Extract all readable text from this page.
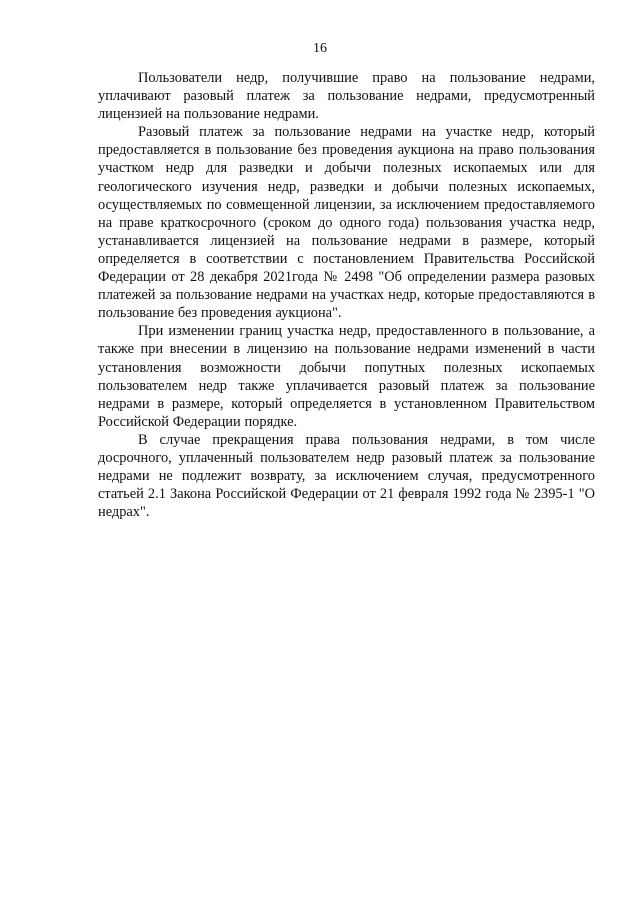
16

Пользователи недр, получившие право на пользование недрами, уплачивают разовый платеж за пользование недрами, предусмотренный лицензией на пользование недрами.

Разовый платеж за пользование недрами на участке недр, который предоставляется в пользование без проведения аукциона на право пользования участком недр для разведки и добычи полезных ископаемых или для геологического изучения недр, разведки и добычи полезных ископаемых, осуществляемых по совмещенной лицензии, за исключением предоставляемого на праве краткосрочного (сроком до одного года) пользования участка недр, устанавливается лицензией на пользование недрами в размере, который определяется в соответствии с постановлением Правительства Российской Федерации от 28 декабря 2021года № 2498 "Об определении размера разовых платежей за пользование недрами на участках недр, которые предоставляются в пользование без проведения аукциона".

При изменении границ участка недр, предоставленного в пользование, а также при внесении в лицензию на пользование недрами изменений в части установления возможности добычи попутных полезных ископаемых пользователем недр также уплачивается разовый платеж за пользование недрами в размере, который определяется в установленном Правительством Российской Федерации порядке.

В случае прекращения права пользования недрами, в том числе досрочного, уплаченный пользователем недр разовый платеж за пользование недрами не подлежит возврату, за исключением случая, предусмотренного статьей 2.1 Закона Российской Федерации от 21 февраля 1992 года № 2395-1 "О недрах".
